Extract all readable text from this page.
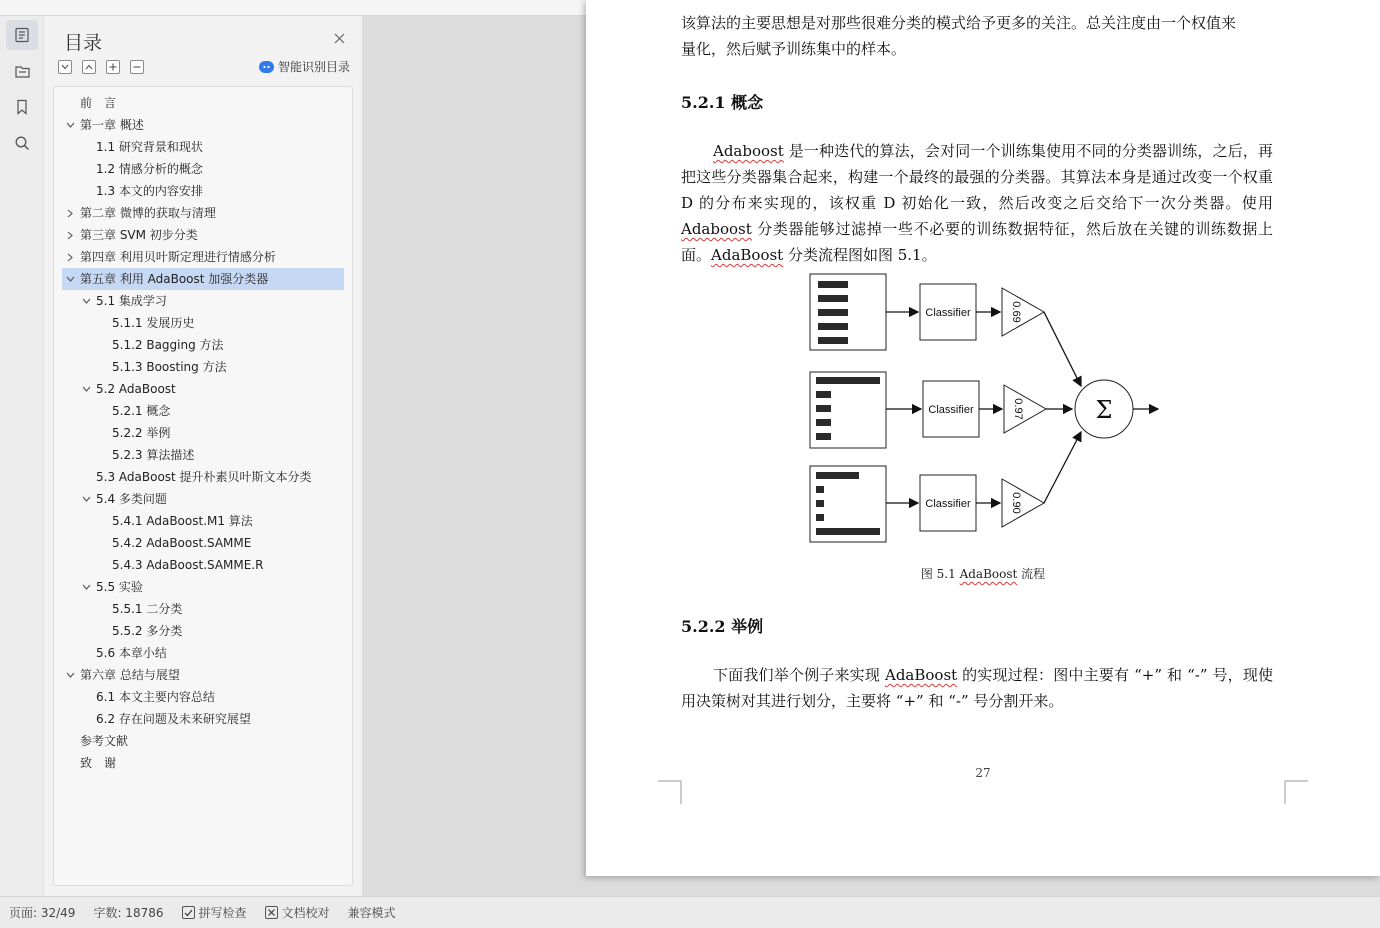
目录
智能识别目录
前　言
第一章 概述
1.1 研究背景和现状
1.2 情感分析的概念
1.3 本文的内容安排
第二章 微博的获取与清理
第三章 SVM 初步分类
第四章 利用贝叶斯定理进行情感分析
第五章 利用 AdaBoost 加强分类器
5.1 集成学习
5.1.1 发展历史
5.1.2 Bagging 方法
5.1.3 Boosting 方法
5.2 AdaBoost
5.2.1 概念
5.2.2 举例
5.2.3 算法描述
5.3 AdaBoost 提升朴素贝叶斯文本分类
5.4 多类问题
5.4.1 AdaBoost.M1 算法
5.4.2 AdaBoost.SAMME
5.4.3 AdaBoost.SAMME.R
5.5 实验
5.5.1 二分类
5.5.2 多分类
5.6 本章小结
第六章 总结与展望
6.1 本文主要内容总结
6.2 存在问题及未来研究展望
参考文献
致　谢
该算法的主要思想是对那些很难分类的模式给予更多的关注。总关注度由一个权值来
量化，然后赋予训练集中的样本。
5.2.1 概念
Adaboost 是一种迭代的算法，会对同一个训练集使用不同的分类器训练，之后，再把这些分类器集合起来，构建一个最终的最强的分类器。其算法本身是通过改变一个权重 D 的分布来实现的，该权重 D 初始化一致，然后改变之后交给下一次分类器。使用 Adaboost 分类器能够过滤掉一些不必要的训练数据特征，然后放在关键的训练数据上面。AdaBoost 分类流程图如图 5.1。
Classifier	0.69
Classifier	0.97
Classifier	0.90
Σ
图 5.1 AdaBoost 流程
5.2.2 举例
下面我们举个例子来实现 AdaBoost 的实现过程：图中主要有 “+” 和 “-” 号，现使用决策树对其进行划分，主要将 “+” 和 “-” 号分割开来。
27
页面: 32/49	字数: 18786	拼写检查	文档校对	兼容模式
